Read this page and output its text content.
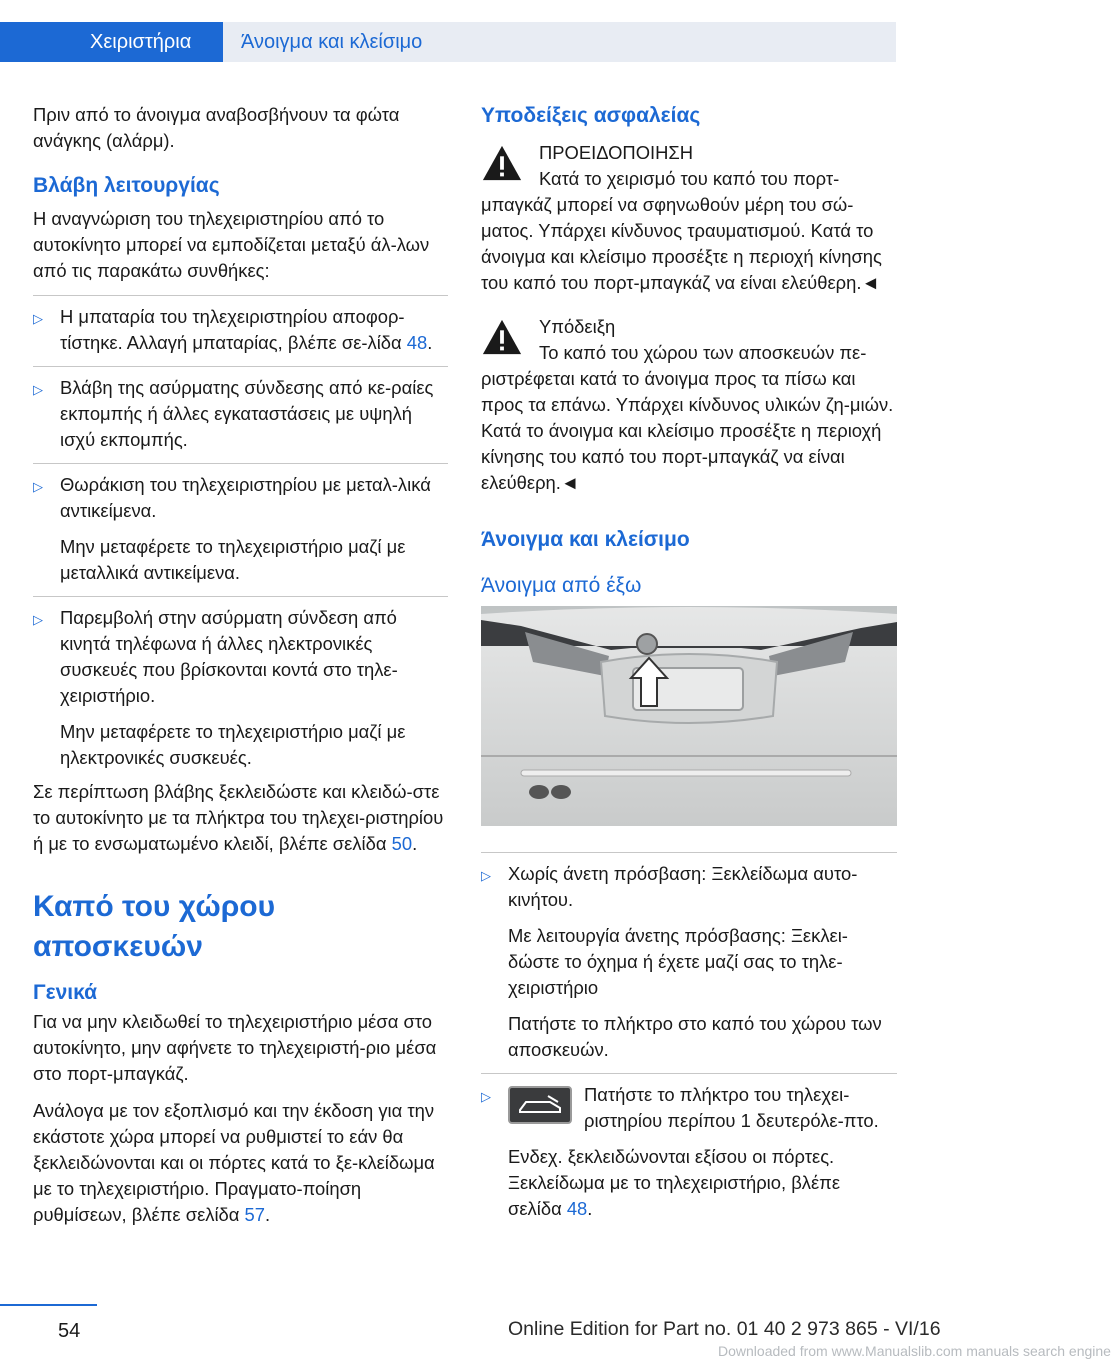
Χειριστήρια	Άνοιγμα και κλείσιμο

Πριν από το άνοιγμα αναβοσβήνουν τα φώτα ανάγκης (αλάρμ).

Βλάβη λειτουργίας

Η αναγνώριση του τηλεχειριστηρίου από το αυτοκίνητο μπορεί να εμποδίζεται μεταξύ άλ‐λων από τις παρακάτω συνθήκες:

▷ Η μπαταρία του τηλεχειριστηρίου αποφορ‐τίστηκε. Αλλαγή μπαταρίας, βλέπε σε‐λίδα 48.

▷ Βλάβη της ασύρματης σύνδεσης από κε‐ραίες εκπομπής ή άλλες εγκαταστάσεις με υψηλή ισχύ εκπομπής.

▷ Θωράκιση του τηλεχειριστηρίου με μεταλ‐λικά αντικείμενα.

Μην μεταφέρετε το τηλεχειριστήριο μαζί με μεταλλικά αντικείμενα.

▷ Παρεμβολή στην ασύρματη σύνδεση από κινητά τηλέφωνα ή άλλες ηλεκτρονικές συσκευές που βρίσκονται κοντά στο τηλε‐χειριστήριο.

Μην μεταφέρετε το τηλεχειριστήριο μαζί με ηλεκτρονικές συσκευές.

Σε περίπτωση βλάβης ξεκλειδώστε και κλειδώ‐στε το αυτοκίνητο με τα πλήκτρα του τηλεχει‐ριστηρίου ή με το ενσωματωμένο κλειδί, βλέπε σελίδα 50.

Καπό του χώρου αποσκευών
Γενικά

Για να μην κλειδωθεί το τηλεχειριστήριο μέσα στο αυτοκίνητο, μην αφήνετε το τηλεχειριστή‐ριο μέσα στο πορτ-μπαγκάζ.

Ανάλογα με τον εξοπλισμό και την έκδοση για την εκάστοτε χώρα μπορεί να ρυθμιστεί το εάν θα ξεκλειδώνονται και οι πόρτες κατά το ξε‐κλείδωμα με το τηλεχειριστήριο. Πραγματο‐ποίηση ρυθμίσεων, βλέπε σελίδα 57.

Υποδείξεις ασφαλείας

ΠΡΟΕΙΔΟΠΟΙΗΣΗ

Κατά το χειρισμό του καπό του πορτ-μπαγκάζ μπορεί να σφηνωθούν μέρη του σώ‐ματος. Υπάρχει κίνδυνος τραυματισμού. Κατά το άνοιγμα και κλείσιμο προσέξτε η περιοχή κίνησης του καπό του πορτ-μπαγκάζ να είναι ελεύθερη.◄

Υπόδειξη

Το καπό του χώρου των αποσκευών πε‐ριστρέφεται κατά το άνοιγμα προς τα πίσω και προς τα επάνω. Υπάρχει κίνδυνος υλικών ζη‐μιών. Κατά το άνοιγμα και κλείσιμο προσέξτε η περιοχή κίνησης του καπό του πορτ-μπαγκάζ να είναι ελεύθερη.◄

Άνοιγμα και κλείσιμο
Άνοιγμα από έξω
▷ Χωρίς άνετη πρόσβαση: Ξεκλείδωμα αυτο‐κινήτου.

Με λειτουργία άνετης πρόσβασης: Ξεκλει‐δώστε το όχημα ή έχετε μαζί σας το τηλε‐χειριστήριο

Πατήστε το πλήκτρο στο καπό του χώρου των αποσκευών.

▷	Πατήστε το πλήκτρο του τηλεχει‐ριστηρίου περίπου 1 δευτερόλε‐πτο.

Ενδεχ. ξεκλειδώνονται εξίσου οι πόρτες. Ξεκλείδωμα με το τηλεχειριστήριο, βλέπε σελίδα 48.

54	Online Edition for Part no. 01 40 2 973 865 - VI/16
Downloaded from www.Manualslib.com manuals search engine
